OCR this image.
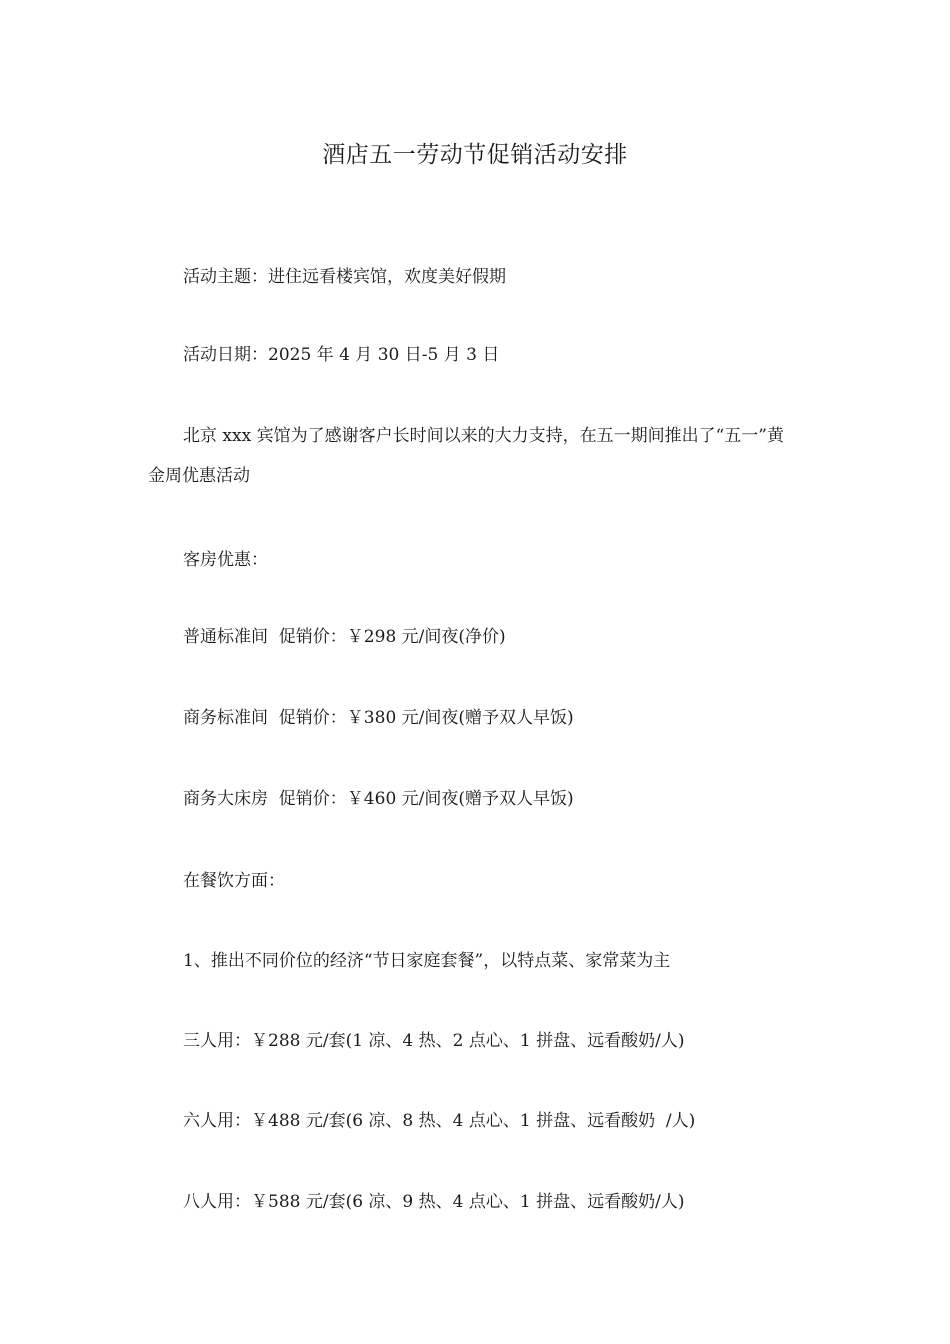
酒店五一劳动节促销活动安排

活动主题：进住远看楼宾馆，欢度美好假期

活动日期：2025 年 4 月 30 日-5 月 3 日

北京 xxx 宾馆为了感谢客户长时间以来的大力支持，在五一期间推出了“五一”黄金周优惠活动

客房优惠：

普通标准间  促销价：￥298 元/间夜(净价)

商务标准间  促销价：￥380 元/间夜(赠予双人早饭)

商务大床房  促销价：￥460 元/间夜(赠予双人早饭)

在餐饮方面：

1、推出不同价位的经济“节日家庭套餐”，以特点菜、家常菜为主

三人用：￥288 元/套(1 凉、4 热、2 点心、1 拼盘、远看酸奶/人)

六人用：￥488 元/套(6 凉、8 热、4 点心、1 拼盘、远看酸奶  /人)

八人用：￥588 元/套(6 凉、9 热、4 点心、1 拼盘、远看酸奶/人)
